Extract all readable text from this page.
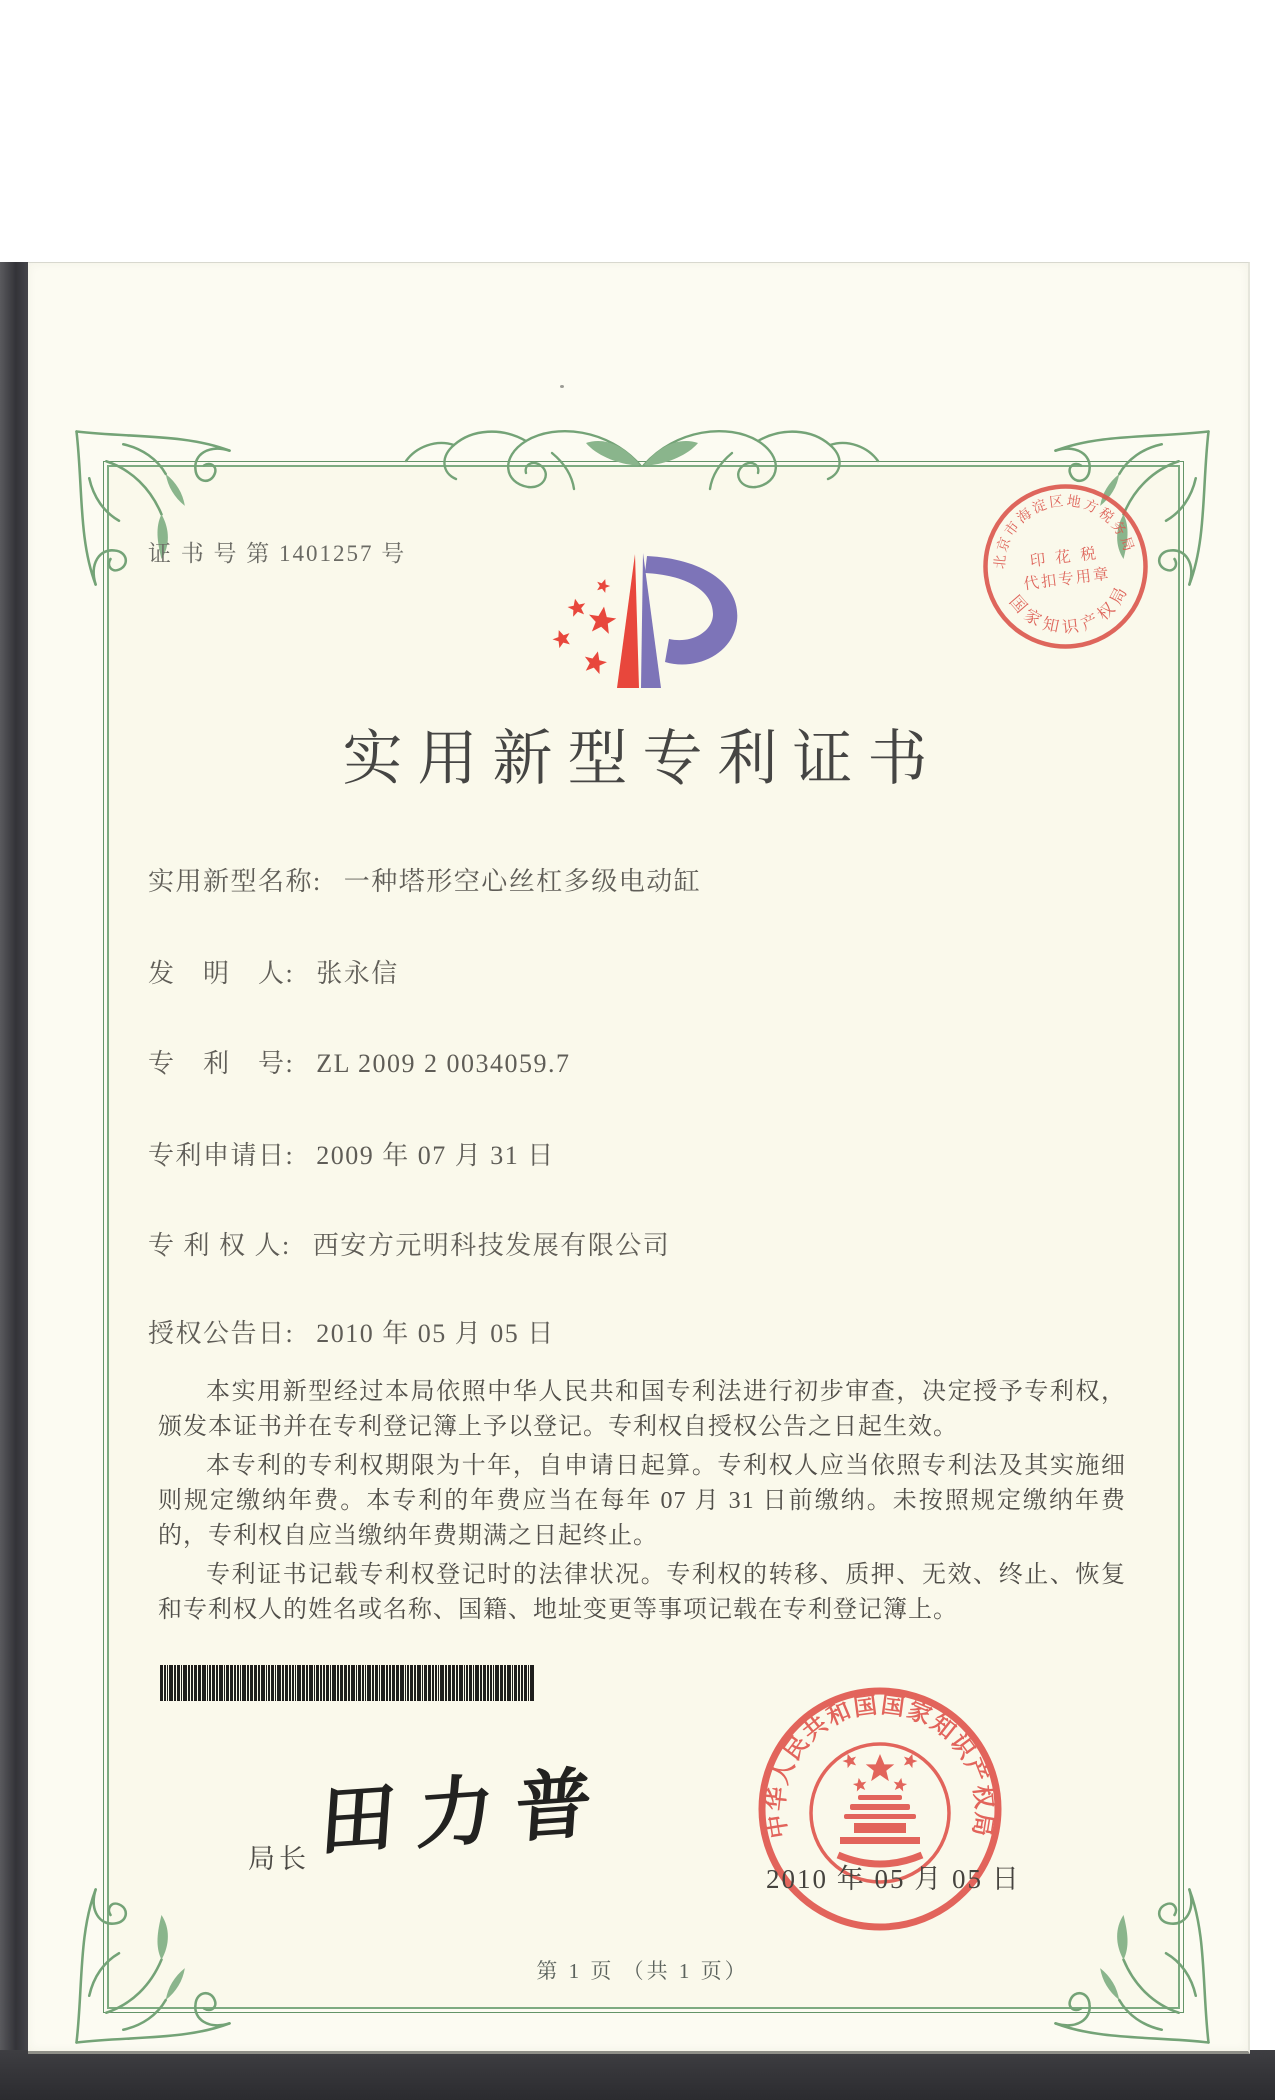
证 书 号 第 1401257 号	北京市海淀区地方税务局
国家知识产权局
印 花 税
代扣专用章
实用新型专利证书
实用新型名称: 一种塔形空心丝杠多级电动缸
发　明　人: 张永信
专　利　号: ZL 2009 2 0034059.7
专利申请日: 2009 年 07 月 31 日
专 利 权 人: 西安方元明科技发展有限公司
授权公告日: 2010 年 05 月 05 日

本实用新型经过本局依照中华人民共和国专利法进行初步审查，决定授予专利权，颁发本证书并在专利登记簿上予以登记。专利权自授权公告之日起生效。

本专利的专利权期限为十年，自申请日起算。专利权人应当依照专利法及其实施细则规定缴纳年费。本专利的年费应当在每年 07 月 31 日前缴纳。未按照规定缴纳年费的，专利权自应当缴纳年费期满之日起终止。

专利证书记载专利权登记时的法律状况。专利权的转移、质押、无效、终止、恢复和专利权人的姓名或名称、国籍、地址变更等事项记载在专利登记簿上。

局长 田力普	中华人民共和国国家知识产权局
2010 年 05 月 05 日
第 1 页 （共 1 页）
